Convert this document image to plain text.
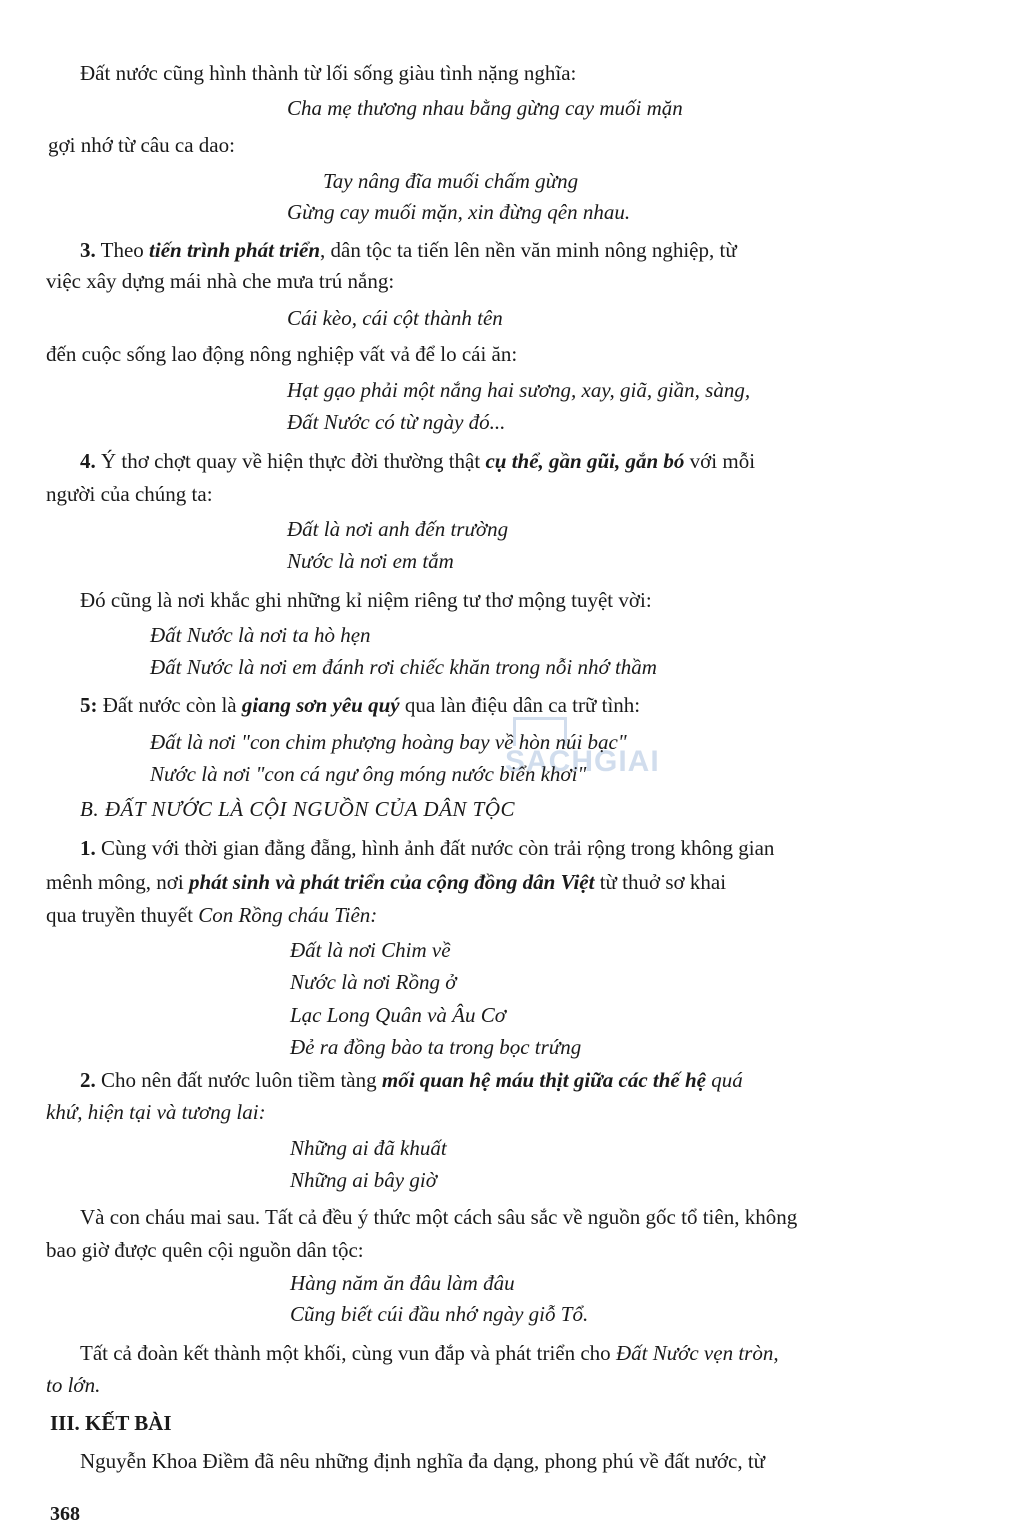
SACHGIAI
Đất nước cũng hình thành từ lối sống giàu tình nặng nghĩa:
Cha mẹ thương nhau bằng gừng cay muối mặn
gợi nhớ từ câu ca dao:
Tay nâng đĩa muối chấm gừng
Gừng cay muối mặn, xin đừng qên nhau.
3. Theo tiến trình phát triển, dân tộc ta tiến lên nền văn minh nông nghiệp, từ
việc xây dựng mái nhà che mưa trú nắng:
Cái kèo, cái cột thành tên
đến cuộc sống lao động nông nghiệp vất vả để lo cái ăn:
Hạt gạo phải một nắng hai sương, xay, giã, giần, sàng,
Đất Nước có từ ngày đó...
4. Ý thơ chợt quay về hiện thực đời thường thật cụ thể, gần gũi, gắn bó với mỗi
người của chúng ta:
Đất là nơi anh đến trường
Nước là nơi em tắm
Đó cũng là nơi khắc ghi những kỉ niệm riêng tư thơ mộng tuyệt vời:
Đất Nước là nơi ta hò hẹn
Đất Nước là nơi em đánh rơi chiếc khăn trong nỗi nhớ thầm
5: Đất nước còn là giang sơn yêu quý qua làn điệu dân ca trữ tình:
Đất là nơi "con chim phượng hoàng bay về hòn núi bạc"
Nước là nơi "con cá ngư ông móng nước biển khơi"
B. ĐẤT NƯỚC LÀ CỘI NGUỒN CỦA DÂN TỘC
1. Cùng với thời gian đằng đẵng, hình ảnh đất nước còn trải rộng trong không gian
mênh mông, nơi phát sinh và phát triển của cộng đồng dân Việt từ thuở sơ khai
qua truyền thuyết Con Rồng cháu Tiên:
Đất là nơi Chim về
Nước là nơi Rồng ở
Lạc Long Quân và Âu Cơ
Đẻ ra đồng bào ta trong bọc trứng
2. Cho nên đất nước luôn tiềm tàng mối quan hệ máu thịt giữa các thế hệ quá
khứ, hiện tại và tương lai:
Những ai đã khuất
Những ai bây giờ
Và con cháu mai sau. Tất cả đều ý thức một cách sâu sắc về nguồn gốc tổ tiên, không
bao giờ được quên cội nguồn dân tộc:
Hàng năm ăn đâu làm đâu
Cũng biết cúi đầu nhớ ngày giỗ Tổ.
Tất cả đoàn kết thành một khối, cùng vun đắp và phát triển cho Đất Nước vẹn tròn,
to lớn.
III. KẾT BÀI
Nguyễn Khoa Điềm đã nêu những định nghĩa đa dạng, phong phú về đất nước, từ
368
